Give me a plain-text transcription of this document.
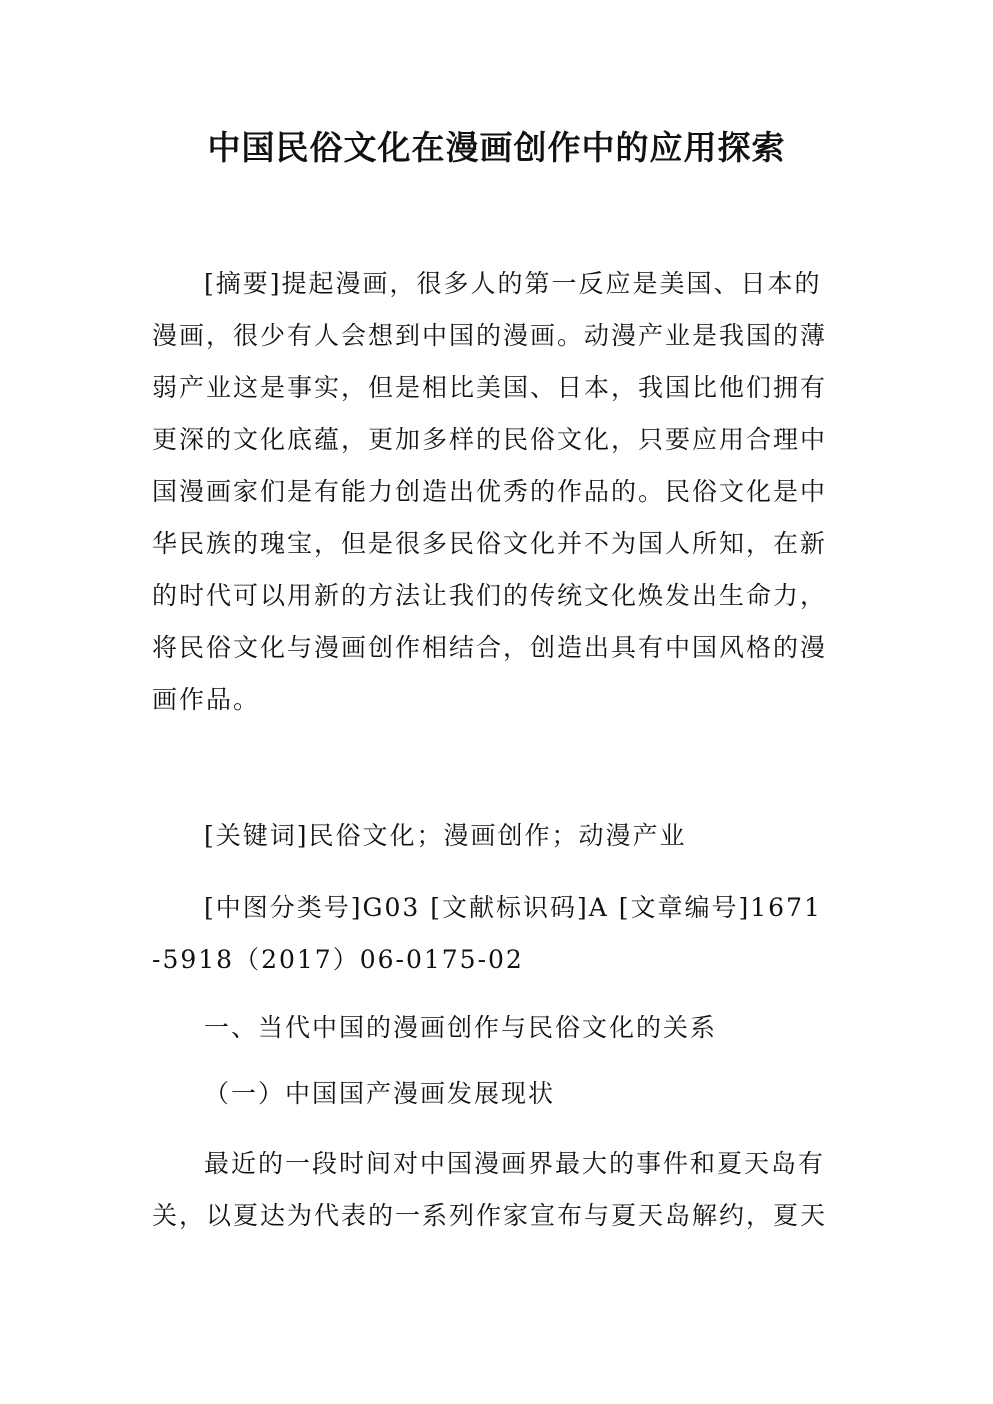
中国民俗文化在漫画创作中的应用探索

[摘要]提起漫画，很多人的第一反应是美国、日本的漫画，很少有人会想到中国的漫画。动漫产业是我国的薄弱产业这是事实，但是相比美国、日本，我国比他们拥有更深的文化底蕴，更加多样的民俗文化，只要应用合理中国漫画家们是有能力创造出优秀的作品的。民俗文化是中华民族的瑰宝，但是很多民俗文化并不为国人所知，在新的时代可以用新的方法让我们的传统文化焕发出生命力，将民俗文化与漫画创作相结合，创造出具有中国风格的漫画作品。

[关键词]民俗文化；漫画创作；动漫产业

[中图分类号]G03 [文献标识码]A [文章编号]1671-5918（2017）06-0175-02

一、当代中国的漫画创作与民俗文化的关系

（一）中国国产漫画发展现状

最近的一段时间对中国漫画界最大的事件和夏天岛有关，以夏达为代表的一系列作家宣布与夏天岛解约，夏天
